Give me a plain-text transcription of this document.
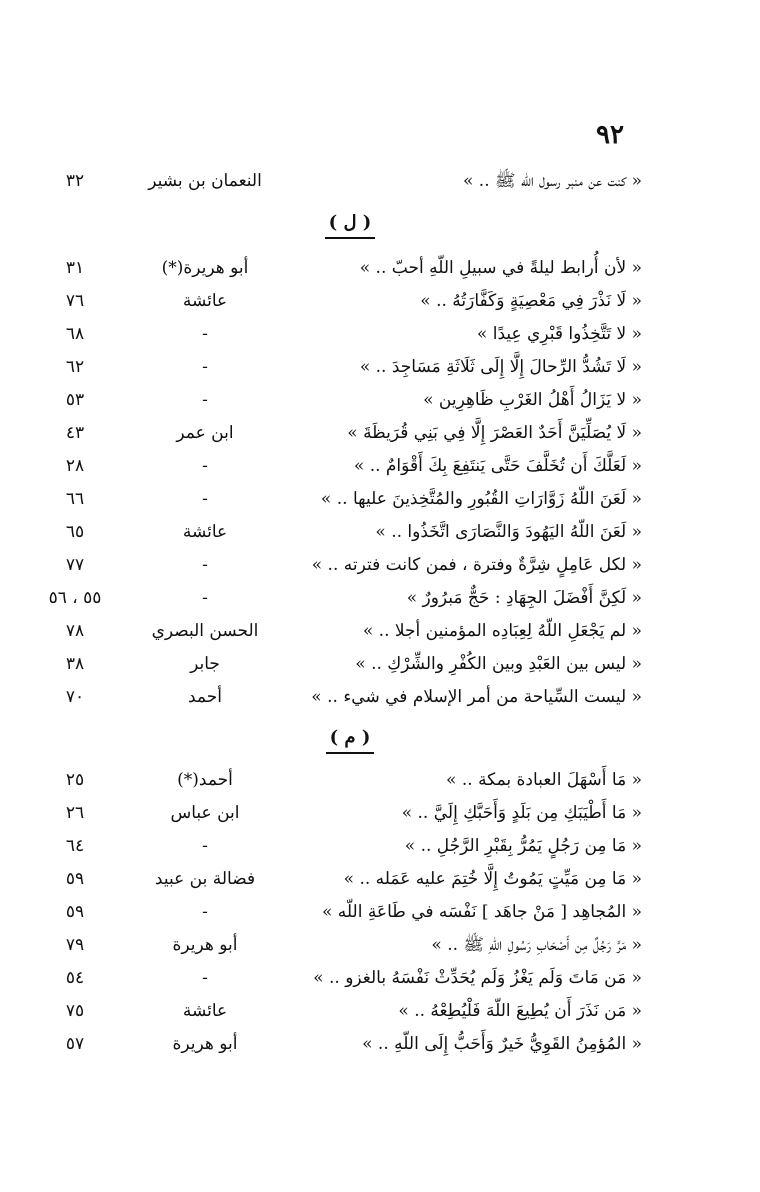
٩٢
« كنت عن منبر رسول الله ﷺ .. »
النعمان بن بشير
٣٢
( ل )
« لأن أُرابط ليلةً في سبيلِ اللّهِ أحبّ .. »
أبو هريرة(*)
٣١
« لَا نَذْرَ فِي مَعْصِيَةٍ وَكَفَّارَتُهُ .. »
عائشة
٧٦
« لا تَتَّخِذُوا قَبْرِي عِيدًا »
-
٦٨
« لَا تَشُدُّ الرِّحالَ إِلَّا إِلَى ثَلَاثَةِ مَسَاجِدَ .. »
-
٦٢
« لا يَزَالُ أَهْلُ الغَرْبِ ظَاهِرِين »
-
٥٣
« لَا يُصَلِّيَنَّ أَحَدٌ العَصْرَ إِلَّا فِي بَنِي قُرَيظَةَ »
ابن عمر
٤٣
« لَعَلَّكَ أَن تُخَلَّفَ حَتَّى يَنتَفِعَ بِكَ أَقْوَامٌ .. »
-
٢٨
« لَعَنَ اللّهُ زَوَّارَاتِ القُبُورِ والمُتَّخِذينَ عليها .. »
-
٦٦
« لَعَنَ اللّهُ اليَهُودَ وَالنَّصَارَى اتَّخَذُوا .. »
عائشة
٦٥
« لكل عَامِلٍ شِرَّةٌ وفترة ، فمن كانت فترته .. »
-
٧٧
« لَكِنَّ أَفْضَلَ الجِهَادِ : حَجٌّ مَبرُورٌ »
-
٥٥ ، ٥٦
« لم يَجْعَلِ اللّهُ لِعِبَادِه المؤمنين أجلا .. »
الحسن البصري
٧٨
« ليس بين العَبْدِ وبين الكُفْرِ والشِّرْكِ .. »
جابر
٣٨
« ليست السِّياحة من أمر الإسلام في شيء .. »
أحمد
٧٠
( م )
« مَا أَسْهَلَ العبادة بمكة .. »
أحمد(*)
٢٥
« مَا أَطْيَبَكِ مِن بَلَدٍ وَأَحَبَّكِ إِلَيَّ .. »
ابن عباس
٢٦
« مَا مِن رَجُلٍ يَمُرُّ بِقَبْرِ الرَّجُلِ .. »
-
٦٤
« مَا مِن مَيِّتٍ يَمُوتُ إِلَّا خُتِمَ عليه عَمَله .. »
فضالة بن عبيد
٥٩
« المُجاهِد [ مَنْ جاهَد ] نَفْسَه في طَاعَةِ اللّه »
-
٥٩
« مَرَّ رَجُلٌ مِن أَصْحَابِ رَسُولِ اللّهِ ﷺ .. »
أبو هريرة
٧٩
« مَن مَاتَ وَلَم يَغْزُ وَلَم يُحَدِّثْ نَفْسَهُ بالغزو .. »
-
٥٤
« مَن نَذَرَ أَن يُطِيعَ اللّهَ فَلْيُطِعْهُ .. »
عائشة
٧٥
« المُؤمِنُ القَوِيُّ خَيرٌ وَأَحَبُّ إِلَى اللّهِ .. »
أبو هريرة
٥٧
